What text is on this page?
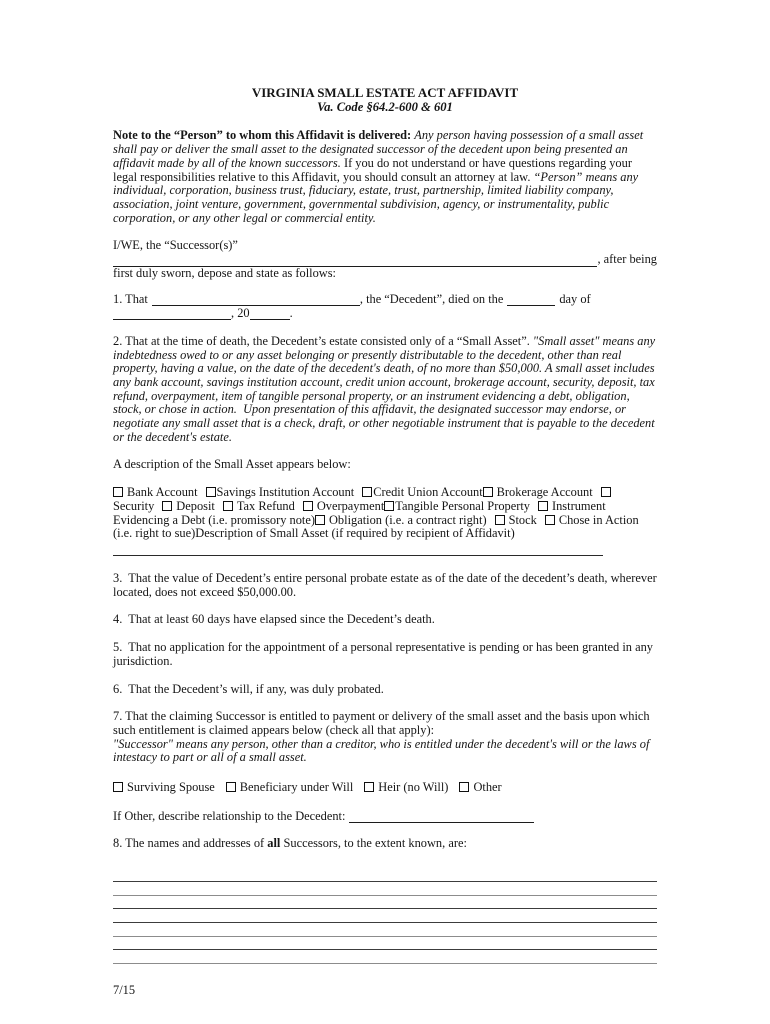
VIRGINIA SMALL ESTATE ACT AFFIDAVIT
Va. Code §64.2-600 & 601

Note to the “Person” to whom this Affidavit is delivered: Any person having possession of a small asset shall pay or deliver the small asset to the designated successor of the decedent upon being presented an affidavit made by all of the known successors. If you do not understand or have questions regarding your legal responsibilities relative to this Affidavit, you should consult an attorney at law. “Person” means any individual, corporation, business trust, fiduciary, estate, trust, partnership, limited liability company, association, joint venture, government, governmental subdivision, agency, or instrumentality, public corporation, or any other legal or commercial entity.

I/WE, the “Successor(s)”
, after being
first duly sworn, depose and state as follows:

1. That	, the “Decedent”, died on the	day of
, 20	.

2. That at the time of death, the Decedent’s estate consisted only of a “Small Asset”. "Small asset" means any indebtedness owed to or any asset belonging or presently distributable to the decedent, other than real property, having a value, on the date of the decedent's death, of no more than $50,000. A small asset includes any bank account, savings institution account, credit union account, brokerage account, security, deposit, tax refund, overpayment, item of tangible personal property, or an instrument evidencing a debt, obligation, stock, or chose in action.  Upon presentation of this affidavit, the designated successor may endorse, or negotiate any small asset that is a check, draft, or other negotiable instrument that is payable to the decedent or the decedent's estate.

A description of the Small Asset appears below:

Bank Account Savings Institution Account Credit Union Account Brokerage AccountSecurity Deposit Tax Refund Overpayment Tangible Personal Property Instrument Evidencing a Debt (i.e. promissory note) Obligation (i.e. a contract right) Stock Chose in Action (i.e. right to sue)Description of Small Asset (if required by recipient of Affidavit)

3.  That the value of Decedent’s entire personal probate estate as of the date of the decedent’s death, wherever located, does not exceed $50,000.00.

4.  That at least 60 days have elapsed since the Decedent’s death.

5.  That no application for the appointment of a personal representative is pending or has been granted in any jurisdiction.

6.  That the Decedent’s will, if any, was duly probated.

7. That the claiming Successor is entitled to payment or delivery of the small asset and the basis upon which such entitlement is claimed appears below (check all that apply):
"Successor" means any person, other than a creditor, who is entitled under the decedent's will or the laws of intestacy to part or all of a small asset.

Surviving Spouse Beneficiary under Will Heir (no Will) Other

If Other, describe relationship to the Decedent:

8. The names and addresses of all Successors, to the extent known, are:

7/15
